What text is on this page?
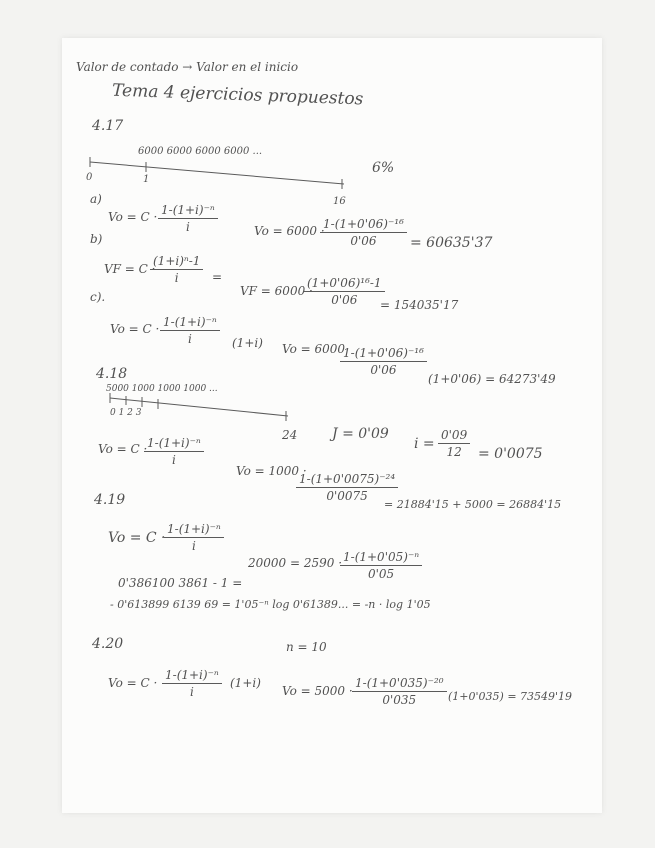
Valor de contado → Valor en el inicio
Tema 4 ejercicios propuestos
4.17
6000 6000 6000 6000 ...
0	1
16
6%
a)
$Vo = C \cdot \frac{\text{1-(1+i)⁻ⁿ}}{i}$	Vo = 6000 ·
$\frac{\text{1-(1+0'06)⁻¹⁶}}{0'06} = 60635'37$
b)
VF = C ·
$\frac{\text{(1+i)ⁿ-1}}{i}$ =
VF = 6000 ·
$\frac{\text{(1+0'06)¹⁶-1}}{0'06}$
= 154035'17
c).
$Vo = C \cdot \frac{\text{1-(1+i)⁻ⁿ}}{i} (1+i) Vo = 6000$
$\frac{\text{1-(1+0'06)⁻¹⁶}}{0'06}$
(1+0'06) = 64273'49
4.18
5000 1000 1000 1000 ...
0 1 2 3
24 J = 0'09
$i = \frac{0'09}{12} = 0'0075$
Vo = C ·
$\frac{\text{1-(1+i)⁻ⁿ}}{i}$
Vo = 1000 ·
$\frac{\text{1-(1+0'0075)⁻²⁴}}{0'0075}$
= 21884'15 + 5000 = 26884'15
4.19
Vo = C ·
$\frac{\text{1-(1+i)⁻ⁿ}}{i}$
20000 = 2590 ·
$\frac{\text{1-(1+0'05)⁻ⁿ}}{0'05}$
0'386100 3861 - 1 =
- 0'613899 6139 69 = 1'05⁻ⁿ log 0'61389... = -n · log 1'05
n = 10
4.20
$Vo = C \cdot \frac{\text{1-(1+i)⁻ⁿ}}{i} (1+i)$
$Vo = 5000 \cdot \frac{\text{1-(1+0'035)⁻²⁰}}{0'035} (1+0'035) = 73549'19$
